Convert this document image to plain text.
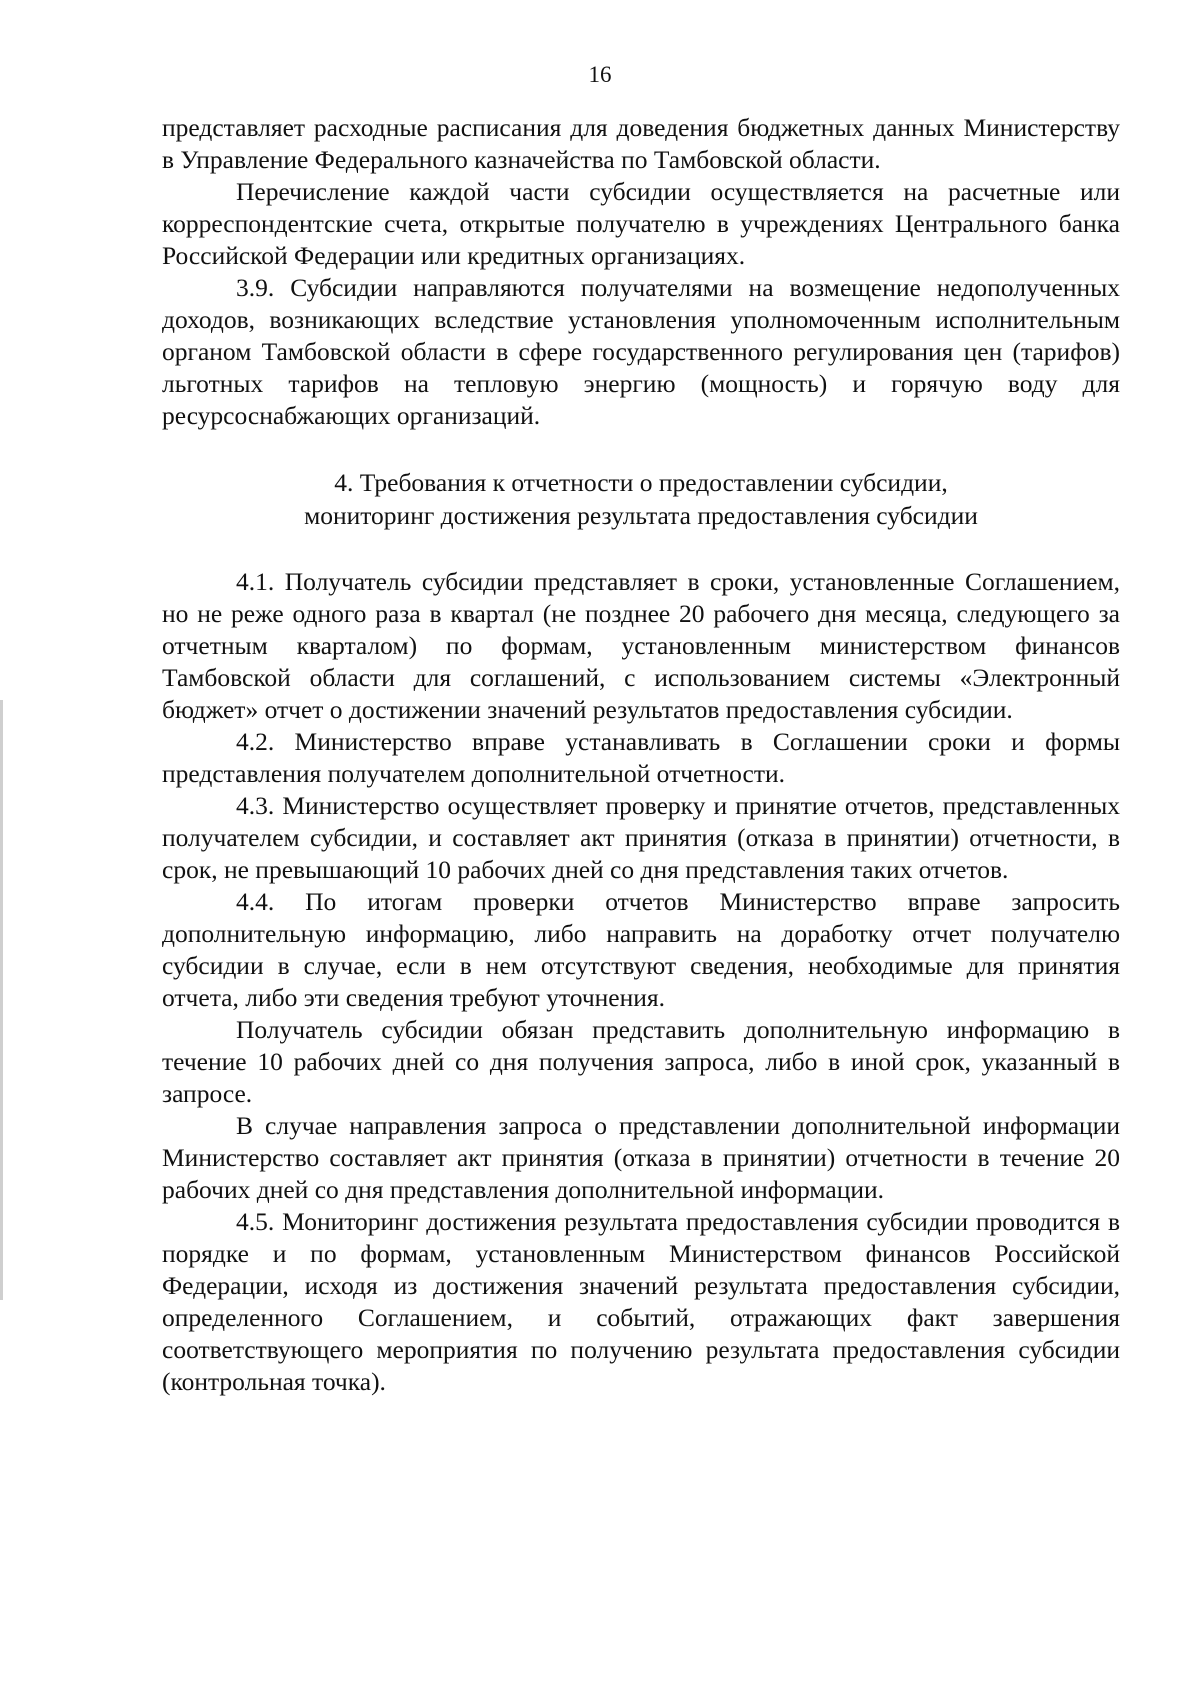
16

представляет расходные расписания для доведения бюджетных данных Министерству в Управление Федерального казначейства по Тамбовской области.

Перечисление каждой части субсидии осуществляется на расчетные или корреспондентские счета, открытые получателю в учреждениях Центрального банка Российской Федерации или кредитных организациях.

3.9. Субсидии направляются получателями на возмещение недополученных доходов, возникающих вследствие установления уполномоченным исполнительным органом Тамбовской области в сфере государственного регулирования цен (тарифов) льготных тарифов на тепловую энергию (мощность) и горячую воду для ресурсоснабжающих организаций.

4. Требования к отчетности о предоставлении субсидии,
мониторинг достижения результата предоставления субсидии

4.1. Получатель субсидии представляет в сроки, установленные Соглашением, но не реже одного раза в квартал (не позднее 20 рабочего дня месяца, следующего за отчетным кварталом) по формам, установленным министерством финансов Тамбовской области для соглашений, с использованием системы «Электронный бюджет» отчет о достижении значений результатов предоставления субсидии.

4.2. Министерство вправе устанавливать в Соглашении сроки и формы представления получателем дополнительной отчетности.

4.3. Министерство осуществляет проверку и принятие отчетов, представленных получателем субсидии, и составляет акт принятия (отказа в принятии) отчетности, в срок, не превышающий 10 рабочих дней со дня представления таких отчетов.

4.4. По итогам проверки отчетов Министерство вправе запросить дополнительную информацию, либо направить на доработку отчет получателю субсидии в случае, если в нем отсутствуют сведения, необходимые для принятия отчета, либо эти сведения требуют уточнения.

Получатель субсидии обязан представить дополнительную информацию в течение 10 рабочих дней со дня получения запроса, либо в иной срок, указанный в запросе.

В случае направления запроса о представлении дополнительной информации Министерство составляет акт принятия (отказа в принятии) отчетности в течение 20 рабочих дней со дня представления дополнительной информации.

4.5. Мониторинг достижения результата предоставления субсидии проводится в порядке и по формам, установленным Министерством финансов Российской Федерации, исходя из достижения значений результата предоставления субсидии, определенного Соглашением, и событий, отражающих факт завершения соответствующего мероприятия по получению результата предоставления субсидии (контрольная точка).
